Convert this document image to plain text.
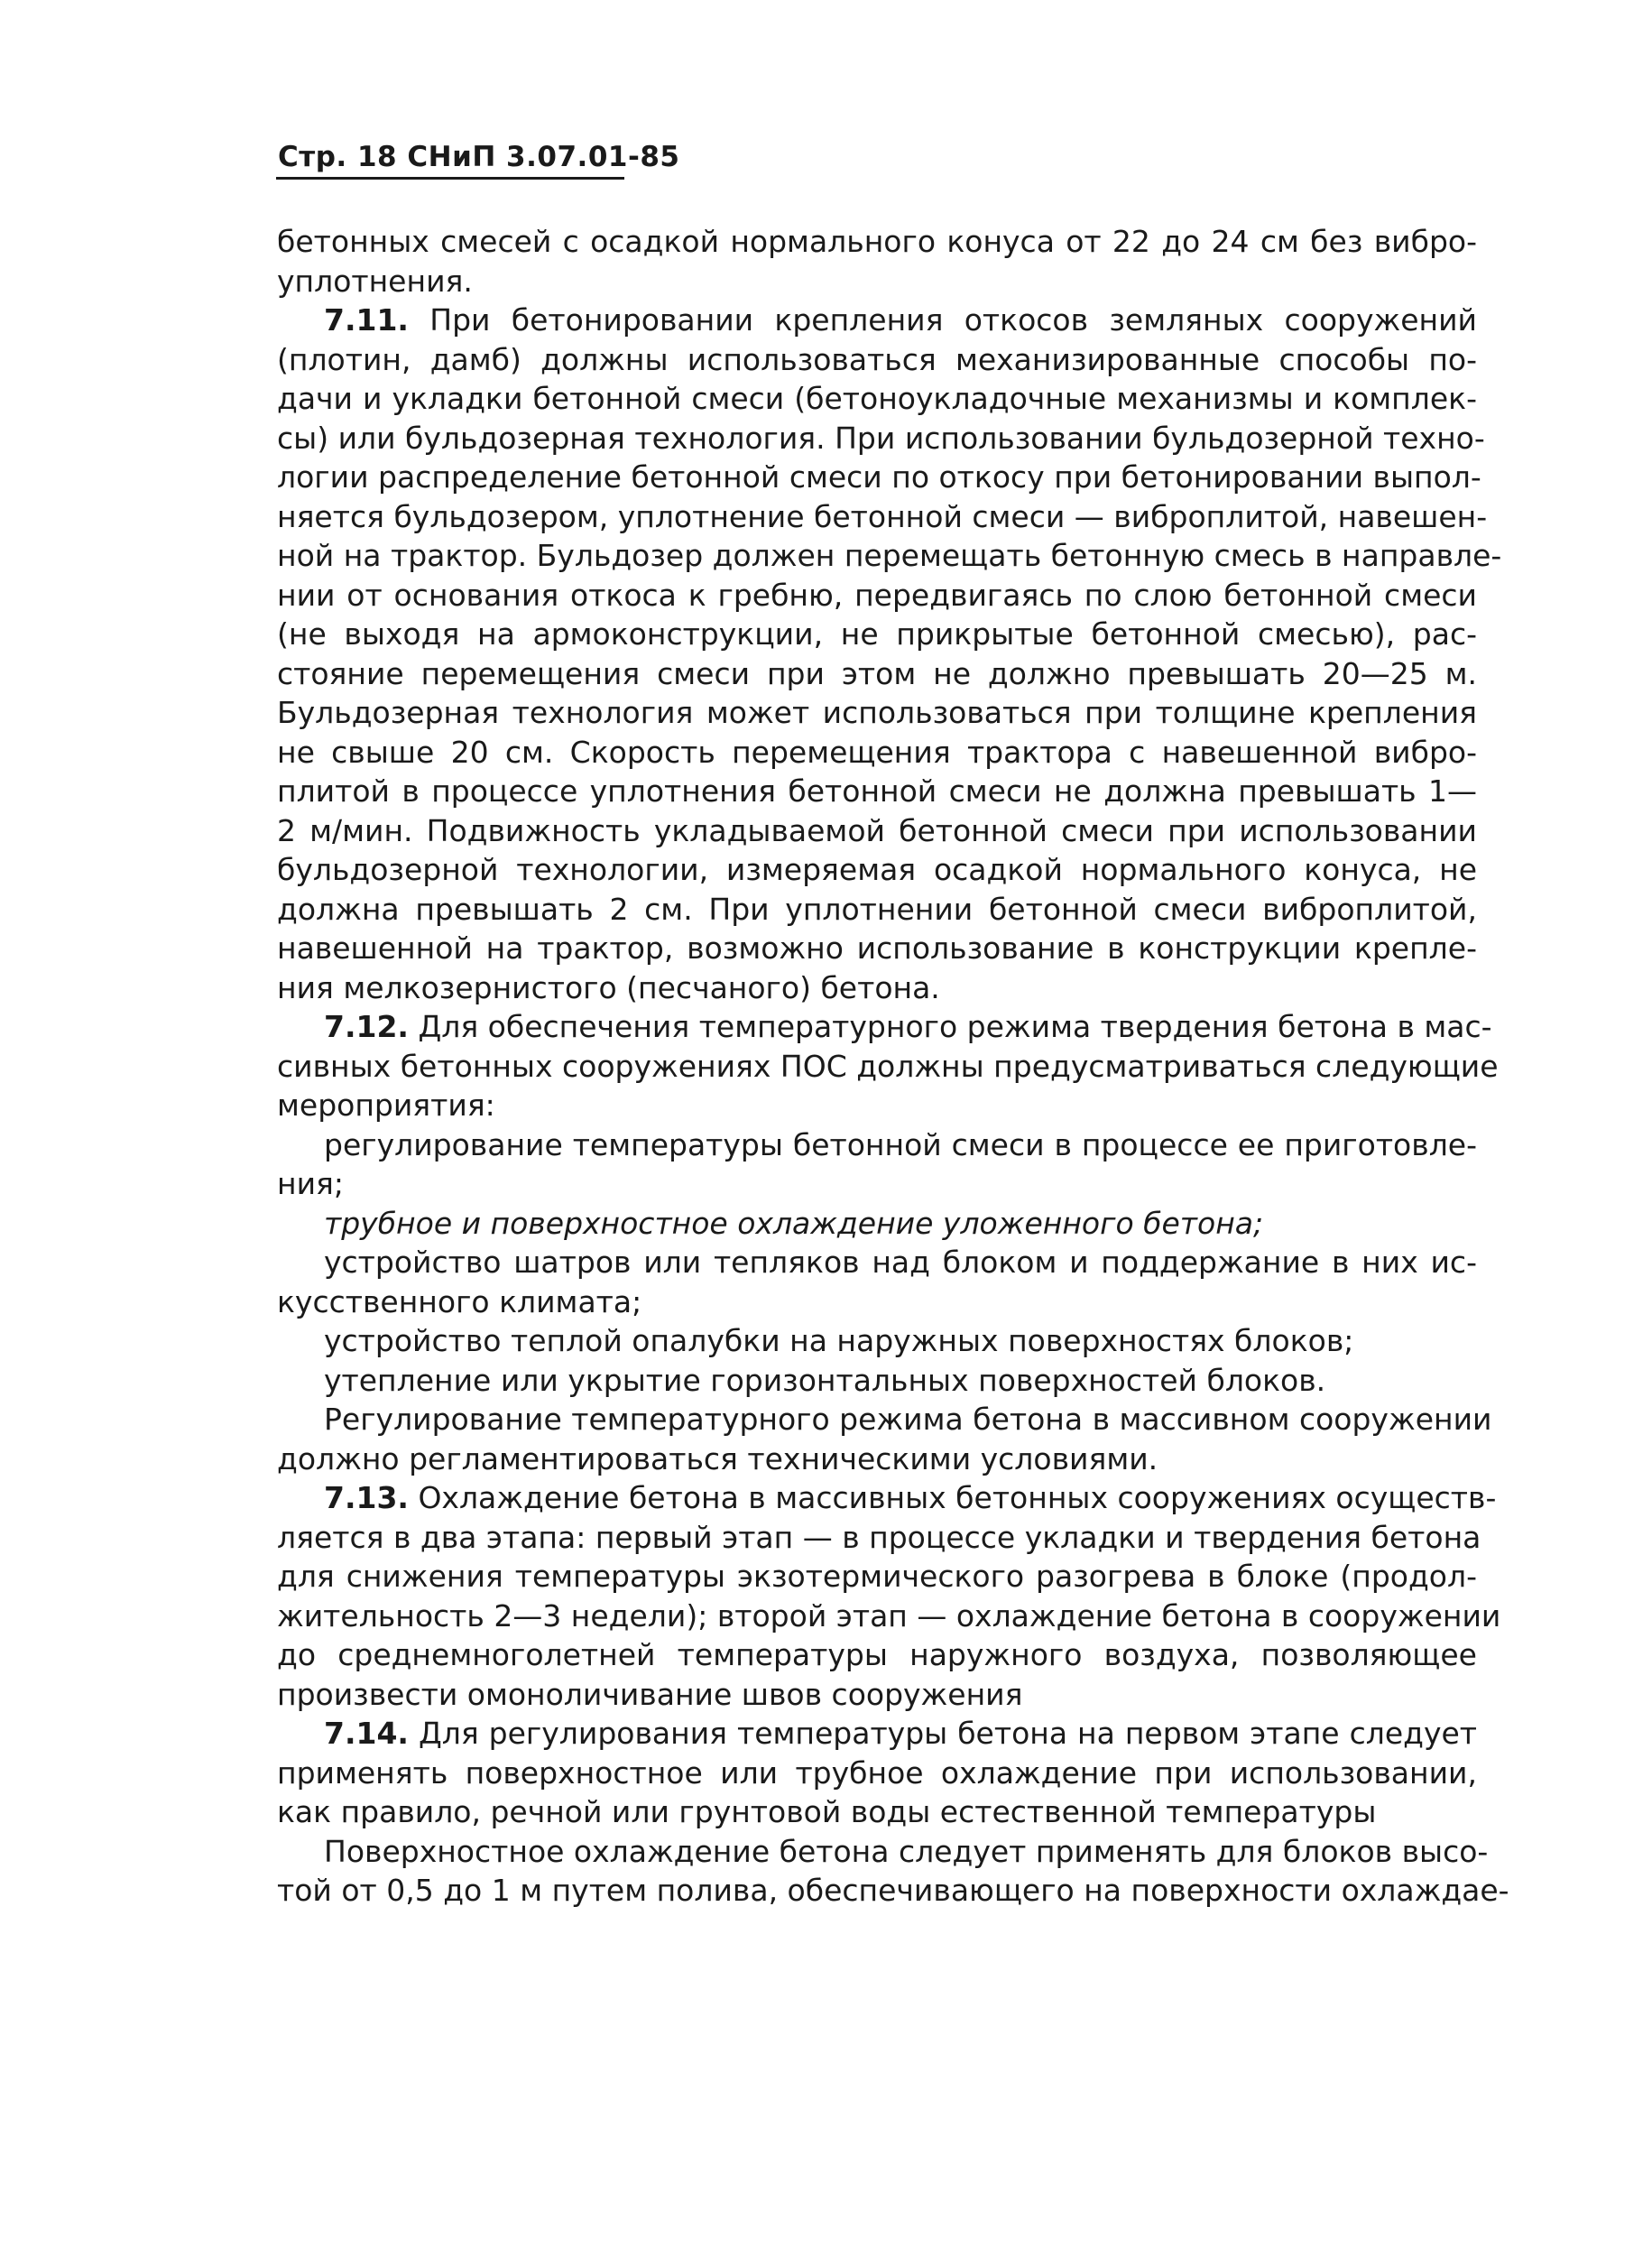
Стр. 18 СНиП 3.07.01-85
бетонных смесей с осадкой нормального конуса от 22 до 24 см без вибро-
уплотнения.
7.11. При бетонировании крепления откосов земляных сооружений
(плотин, дамб) должны использоваться механизированные способы по-
дачи и укладки бетонной смеси (бетоноукладочные механизмы и комплек-
сы) или бульдозерная технология. При использовании бульдозерной техно-
логии распределение бетонной смеси по откосу при бетонировании выпол-
няется бульдозером, уплотнение бетонной смеси — виброплитой, навешен-
ной на трактор. Бульдозер должен перемещать бетонную смесь в направле-
нии от основания откоса к гребню, передвигаясь по слою бетонной смеси
(не выходя на армоконструкции, не прикрытые бетонной смесью), рас-
стояние перемещения смеси при этом не должно превышать 20—25 м.
Бульдозерная технология может использоваться при толщине крепления
не свыше 20 см. Скорость перемещения трактора с навешенной вибро-
плитой в процессе уплотнения бетонной смеси не должна превышать 1—
2 м/мин. Подвижность укладываемой бетонной смеси при использовании
бульдозерной технологии, измеряемая осадкой нормального конуса, не
должна превышать 2 см. При уплотнении бетонной смеси виброплитой,
навешенной на трактор, возможно использование в конструкции крепле-
ния мелкозернистого (песчаного) бетона.
7.12. Для обеспечения температурного режима твердения бетона в мас-
сивных бетонных сооружениях ПОС должны предусматриваться следующие
мероприятия:
регулирование температуры бетонной смеси в процессе ее приготовле-
ния;
трубное и поверхностное охлаждение уложенного бетона;
устройство шатров или тепляков над блоком и поддержание в них ис-
кусственного климата;
устройство теплой опалубки на наружных поверхностях блоков;
утепление или укрытие горизонтальных поверхностей блоков.
Регулирование температурного режима бетона в массивном сооружении
должно регламентироваться техническими условиями.
7.13. Охлаждение бетона в массивных бетонных сооружениях осуществ-
ляется в два этапа: первый этап — в процессе укладки и твердения бетона
для снижения температуры экзотермического разогрева в блоке (продол-
жительность 2—3 недели); второй этап — охлаждение бетона в сооружении
до среднемноголетней температуры наружного воздуха, позволяющее
произвести омоноличивание швов сооружения
7.14. Для регулирования температуры бетона на первом этапе следует
применять поверхностное или трубное охлаждение при использовании,
как правило, речной или грунтовой воды естественной температуры
Поверхностное охлаждение бетона следует применять для блоков высо-
той от 0,5 до 1 м путем полива, обеспечивающего на поверхности охлаждае-
